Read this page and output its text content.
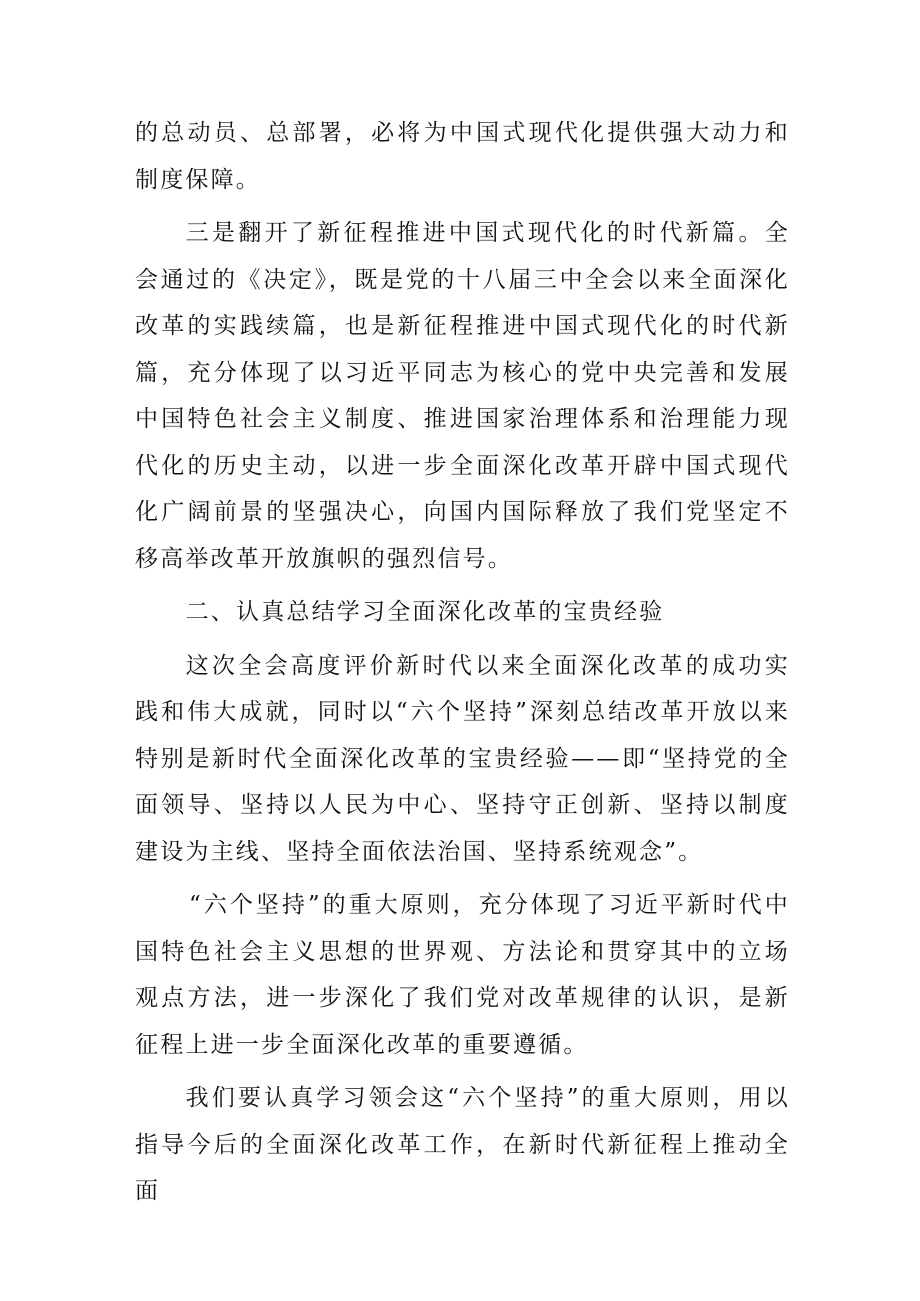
的总动员、总部署，必将为中国式现代化提供强大动力和制度保障。

三是翻开了新征程推进中国式现代化的时代新篇。全会通过的《决定》，既是党的十八届三中全会以来全面深化改革的实践续篇，也是新征程推进中国式现代化的时代新篇，充分体现了以习近平同志为核心的党中央完善和发展中国特色社会主义制度、推进国家治理体系和治理能力现代化的历史主动，以进一步全面深化改革开辟中国式现代化广阔前景的坚强决心，向国内国际释放了我们党坚定不移高举改革开放旗帜的强烈信号。

二、认真总结学习全面深化改革的宝贵经验

这次全会高度评价新时代以来全面深化改革的成功实践和伟大成就，同时以“六个坚持”深刻总结改革开放以来特别是新时代全面深化改革的宝贵经验——即“坚持党的全面领导、坚持以人民为中心、坚持守正创新、坚持以制度建设为主线、坚持全面依法治国、坚持系统观念”。

“六个坚持”的重大原则，充分体现了习近平新时代中国特色社会主义思想的世界观、方法论和贯穿其中的立场观点方法，进一步深化了我们党对改革规律的认识，是新征程上进一步全面深化改革的重要遵循。

我们要认真学习领会这“六个坚持”的重大原则，用以指导今后的全面深化改革工作，在新时代新征程上推动全面
